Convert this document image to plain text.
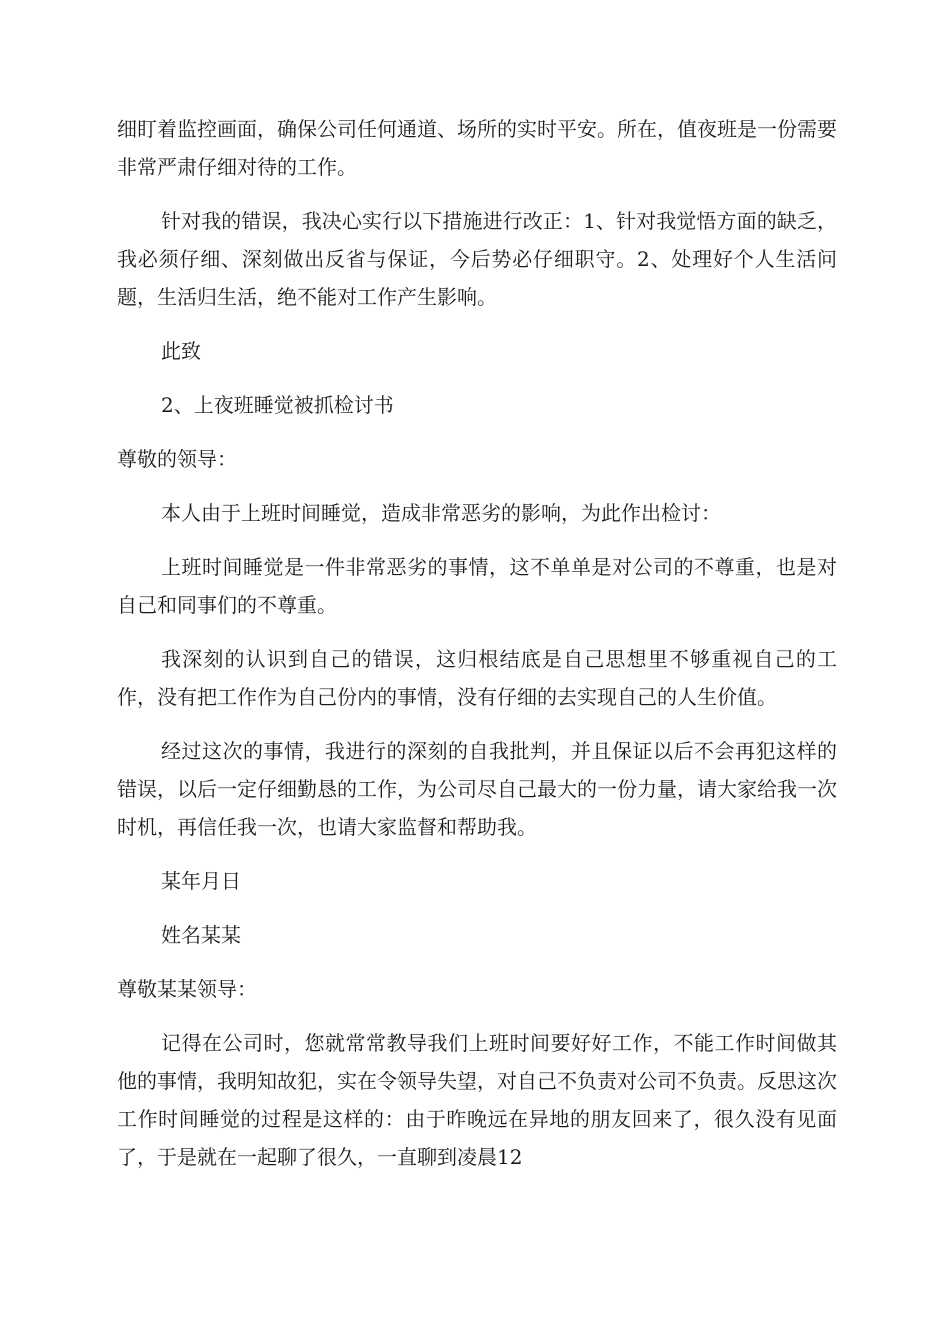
细盯着监控画面，确保公司任何通道、场所的实时平安。所在，值夜班是一份需要非常严肃仔细对待的工作。

针对我的错误，我决心实行以下措施进行改正：1、针对我觉悟方面的缺乏，我必须仔细、深刻做出反省与保证，今后势必仔细职守。2、处理好个人生活问题，生活归生活，绝不能对工作产生影响。

此致

2、上夜班睡觉被抓检讨书

尊敬的领导：

本人由于上班时间睡觉，造成非常恶劣的影响，为此作出检讨：

上班时间睡觉是一件非常恶劣的事情，这不单单是对公司的不尊重，也是对自己和同事们的不尊重。

我深刻的认识到自己的错误，这归根结底是自己思想里不够重视自己的工作，没有把工作作为自己份内的事情，没有仔细的去实现自己的人生价值。

经过这次的事情，我进行的深刻的自我批判，并且保证以后不会再犯这样的错误，以后一定仔细勤恳的工作，为公司尽自己最大的一份力量，请大家给我一次时机，再信任我一次，也请大家监督和帮助我。

某年月日

姓名某某

尊敬某某领导：

记得在公司时，您就常常教导我们上班时间要好好工作，不能工作时间做其他的事情，我明知故犯，实在令领导失望，对自己不负责对公司不负责。反思这次工作时间睡觉的过程是这样的：由于昨晚远在异地的朋友回来了，很久没有见面了，于是就在一起聊了很久，一直聊到凌晨12
